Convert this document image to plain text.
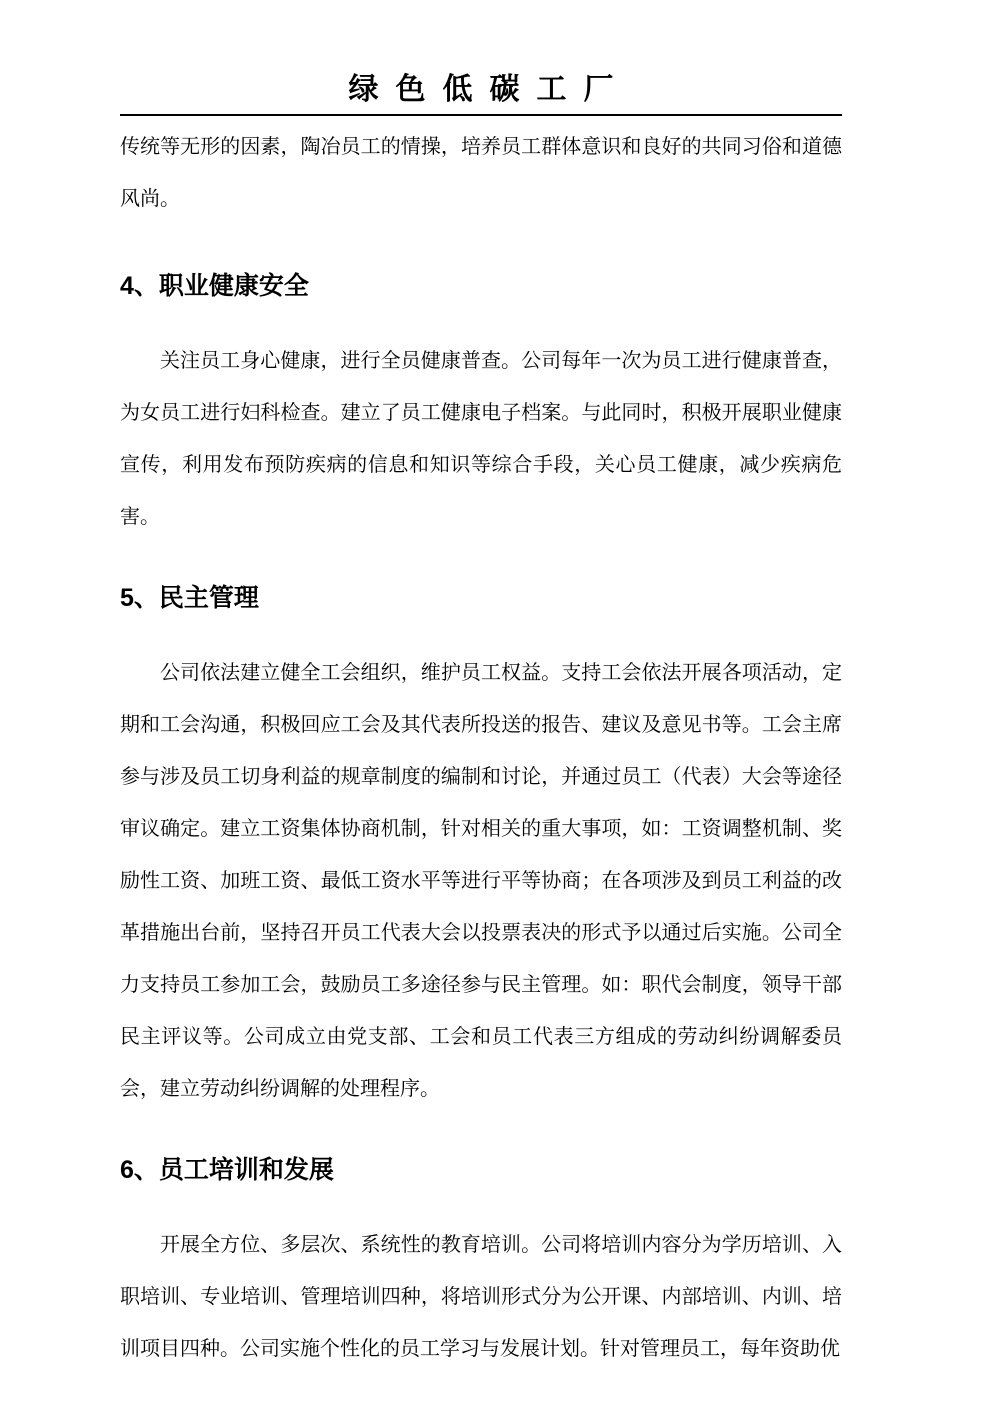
绿色低碳工厂

传统等无形的因素，陶冶员工的情操，培养员工群体意识和良好的共同习俗和道德风尚。

4、职业健康安全

关注员工身心健康，进行全员健康普查。公司每年一次为员工进行健康普查，为女员工进行妇科检查。建立了员工健康电子档案。与此同时，积极开展职业健康宣传，利用发布预防疾病的信息和知识等综合手段，关心员工健康，减少疾病危害。

5、民主管理

公司依法建立健全工会组织，维护员工权益。支持工会依法开展各项活动，定期和工会沟通，积极回应工会及其代表所投送的报告、建议及意见书等。工会主席参与涉及员工切身利益的规章制度的编制和讨论，并通过员工（代表）大会等途径审议确定。建立工资集体协商机制，针对相关的重大事项，如：工资调整机制、奖励性工资、加班工资、最低工资水平等进行平等协商；在各项涉及到员工利益的改革措施出台前，坚持召开员工代表大会以投票表决的形式予以通过后实施。公司全力支持员工参加工会，鼓励员工多途径参与民主管理。如：职代会制度，领导干部民主评议等。公司成立由党支部、工会和员工代表三方组成的劳动纠纷调解委员会，建立劳动纠纷调解的处理程序。

6、员工培训和发展

开展全方位、多层次、系统性的教育培训。公司将培训内容分为学历培训、入职培训、专业培训、管理培训四种，将培训形式分为公开课、内部培训、内训、培训项目四种。公司实施个性化的员工学习与发展计划。针对管理员工，每年资助优
